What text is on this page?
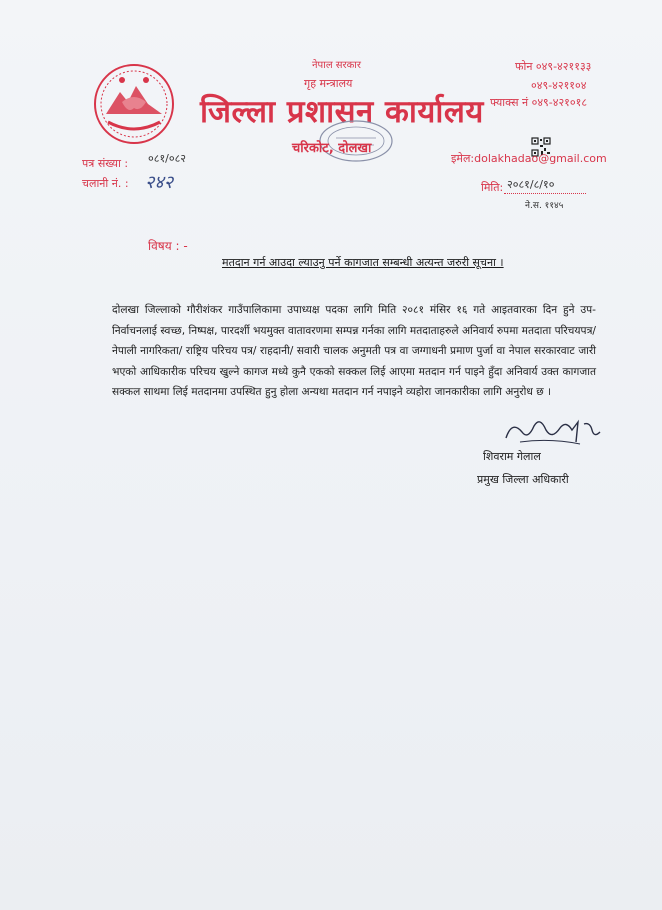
नेपाल सरकार
गृह मन्त्रालय
जिल्ला प्रशासन कार्यालय
चरिकोट, दोलखा
फोन ०४९-४२११३३
०४९-४२११०४
फ्याक्स नं ०४९-४२१०१८
इमेल:dolakhadao@gmail.com
पत्र संख्या : ०८१/०८२
चलानी नं. : २४२	मिति: २०८१/८/१०
ने.स. ११४५
विषय : -
मतदान गर्न आउदा ल्याउनु पर्ने कागजात सम्बन्धी अत्यन्त जरुरी सूचना ।
दोलखा जिल्लाको गौरीशंकर गाउँपालिकामा उपाध्यक्ष पदका लागि मिति २०८१ मंसिर १६ गते आइतवारका दिन हुने उप-निर्वाचनलाई स्वच्छ, निष्पक्ष, पारदर्शी भयमुक्त वातावरणमा सम्पन्न गर्नका लागि मतदाताहरुले अनिवार्य रुपमा मतदाता परिचयपत्र/नेपाली नागरिकता/ राष्ट्रिय परिचय पत्र/ राहदानी/ सवारी चालक अनुमती पत्र वा जग्गाधनी प्रमाण पुर्जा वा नेपाल सरकारवाट जारी भएको आधिकारीक परिचय खुल्ने कागज मध्ये कुनै एकको सक्कल लिई आएमा मतदान गर्न पाइने हुँदा अनिवार्य उक्त कागजात सक्कल साथमा लिई मतदानमा उपस्थित हुनु होला अन्यथा मतदान गर्न नपाइने व्यहोरा जानकारीका लागि अनुरोध छ ।
शिवराम गेलाल
प्रमुख जिल्ला अधिकारी
